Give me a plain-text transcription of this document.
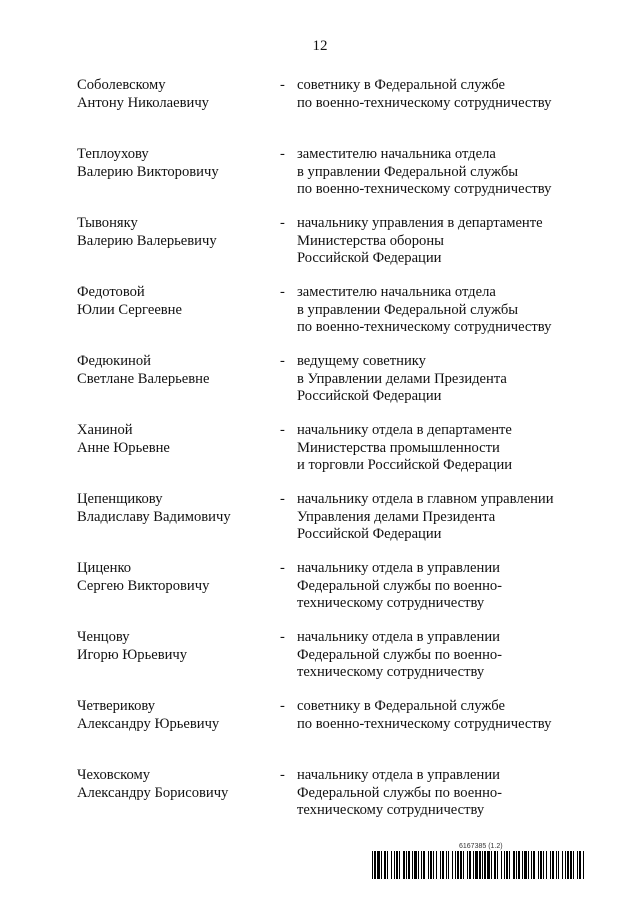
12
Соболевскому
Антону Николаевичу
- советнику в Федеральной службе
по военно-техническому сотрудничеству
Теплоухову
Валерию Викторовичу
- заместителю начальника отдела
в управлении Федеральной службы
по военно-техническому сотрудничеству
Тывоняку
Валерию Валерьевичу
- начальнику управления в департаменте
Министерства обороны
Российской Федерации
Федотовой
Юлии Сергеевне
- заместителю начальника отдела
в управлении Федеральной службы
по военно-техническому сотрудничеству
Федюкиной
Светлане Валерьевне
- ведущему советнику
в Управлении делами Президента
Российской Федерации
Ханиной
Анне Юрьевне
- начальнику отдела в департаменте
Министерства промышленности
и торговли Российской Федерации
Цепенщикову
Владиславу Вадимовичу
- начальнику отдела в главном управлении
Управления делами Президента
Российской Федерации
Циценко
Сергею Викторовичу
- начальнику отдела в управлении
Федеральной службы по военно-
техническому сотрудничеству
Ченцову
Игорю Юрьевичу
- начальнику отдела в управлении
Федеральной службы по военно-
техническому сотрудничеству
Четверикову
Александру Юрьевичу
- советнику в Федеральной службе
по военно-техническому сотрудничеству
Чеховскому
Александру Борисовичу
- начальнику отдела в управлении
Федеральной службы по военно-
техническому сотрудничеству
6167385 (1.2)
